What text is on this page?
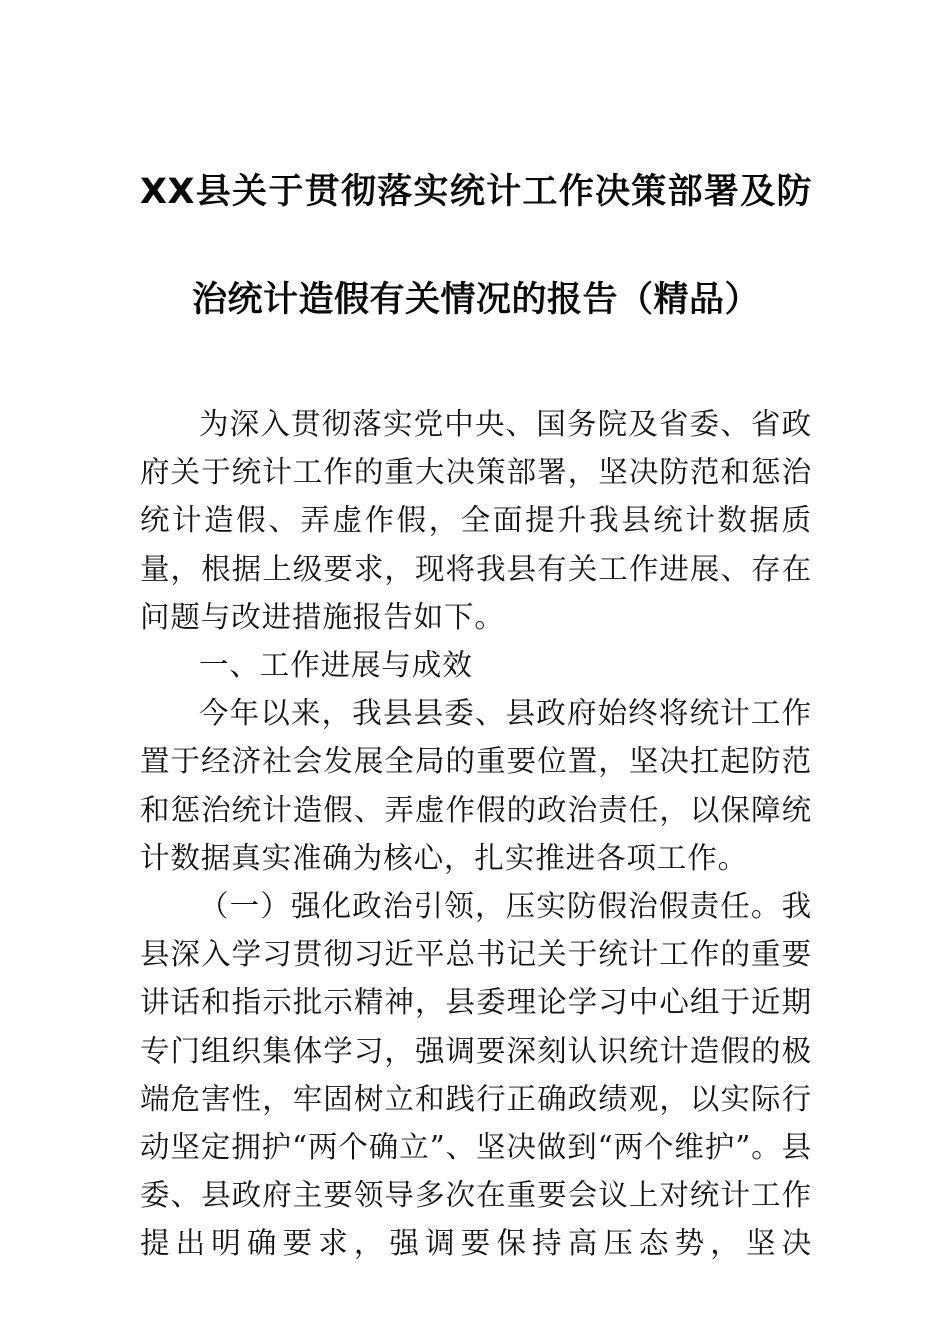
XX县关于贯彻落实统计工作决策部署及防
治统计造假有关情况的报告（精品）

为深入贯彻落实党中央、国务院及省委、省政府关于统计工作的重大决策部署，坚决防范和惩治统计造假、弄虚作假，全面提升我县统计数据质量，根据上级要求，现将我县有关工作进展、存在问题与改进措施报告如下。

一、工作进展与成效

今年以来，我县县委、县政府始终将统计工作置于经济社会发展全局的重要位置，坚决扛起防范和惩治统计造假、弄虚作假的政治责任，以保障统计数据真实准确为核心，扎实推进各项工作。

（一）强化政治引领，压实防假治假责任。我县深入学习贯彻习近平总书记关于统计工作的重要讲话和指示批示精神，县委理论学习中心组于近期专门组织集体学习，强调要深刻认识统计造假的极端危害性，牢固树立和践行正确政绩观，以实际行动坚定拥护“两个确立”、坚决做到“两个维护”。县委、县政府主要领导多次在重要会议上对统计工作提出明确要求，强调要保持高压态势，坚决
